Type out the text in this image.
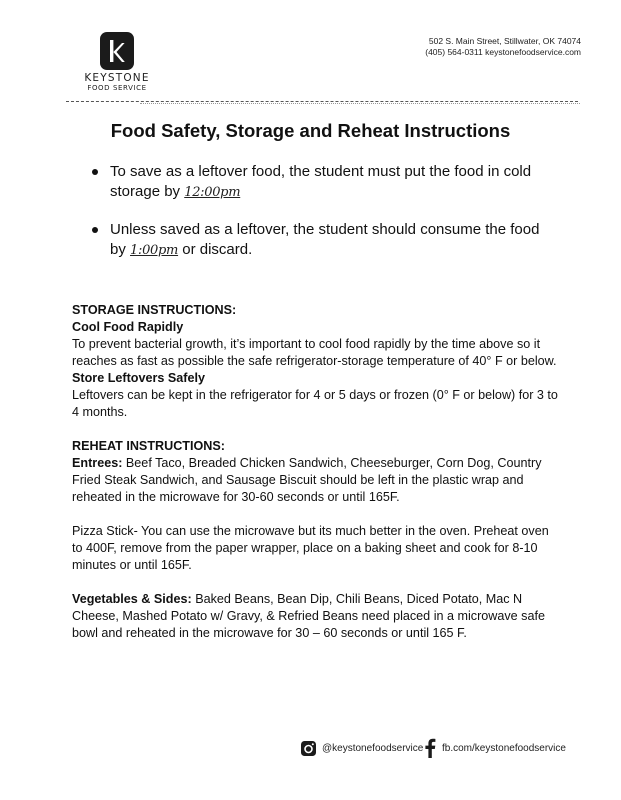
KEYSTONE
FOOD SERVICE
502 S. Main Street, Stillwater, OK 74074
(405) 564-0311 keystonefoodservice.com
Food Safety, Storage and Reheat Instructions
To save as a leftover food, the student must put the food in cold storage by 12:00pm
Unless saved as a leftover, the student should consume the food by 1:00pm or discard.
STORAGE INSTRUCTIONS:
Cool Food Rapidly

To prevent bacterial growth, it’s important to cool food rapidly by the time above so it reaches as fast as possible the safe refrigerator-storage temperature of 40° F or below.

Store Leftovers Safely

Leftovers can be kept in the refrigerator for 4 or 5 days or frozen (0° F or below) for 3 to 4 months.

REHEAT INSTRUCTIONS:

Entrees: Beef Taco, Breaded Chicken Sandwich, Cheeseburger, Corn Dog, Country Fried Steak Sandwich, and Sausage Biscuit should be left in the plastic wrap and reheated in the microwave for 30-60 seconds or until 165F.

Pizza Stick- You can use the microwave but its much better in the oven. Preheat oven to 400F, remove from the paper wrapper, place on a baking sheet and cook for 8-10 minutes or until 165F.

Vegetables & Sides: Baked Beans, Bean Dip, Chili Beans, Diced Potato, Mac N Cheese, Mashed Potato w/ Gravy, & Refried Beans need placed in a microwave safe bowl and reheated in the microwave for 30 – 60 seconds or until 165 F.

@keystonefoodservice fb.com/keystonefoodservice
